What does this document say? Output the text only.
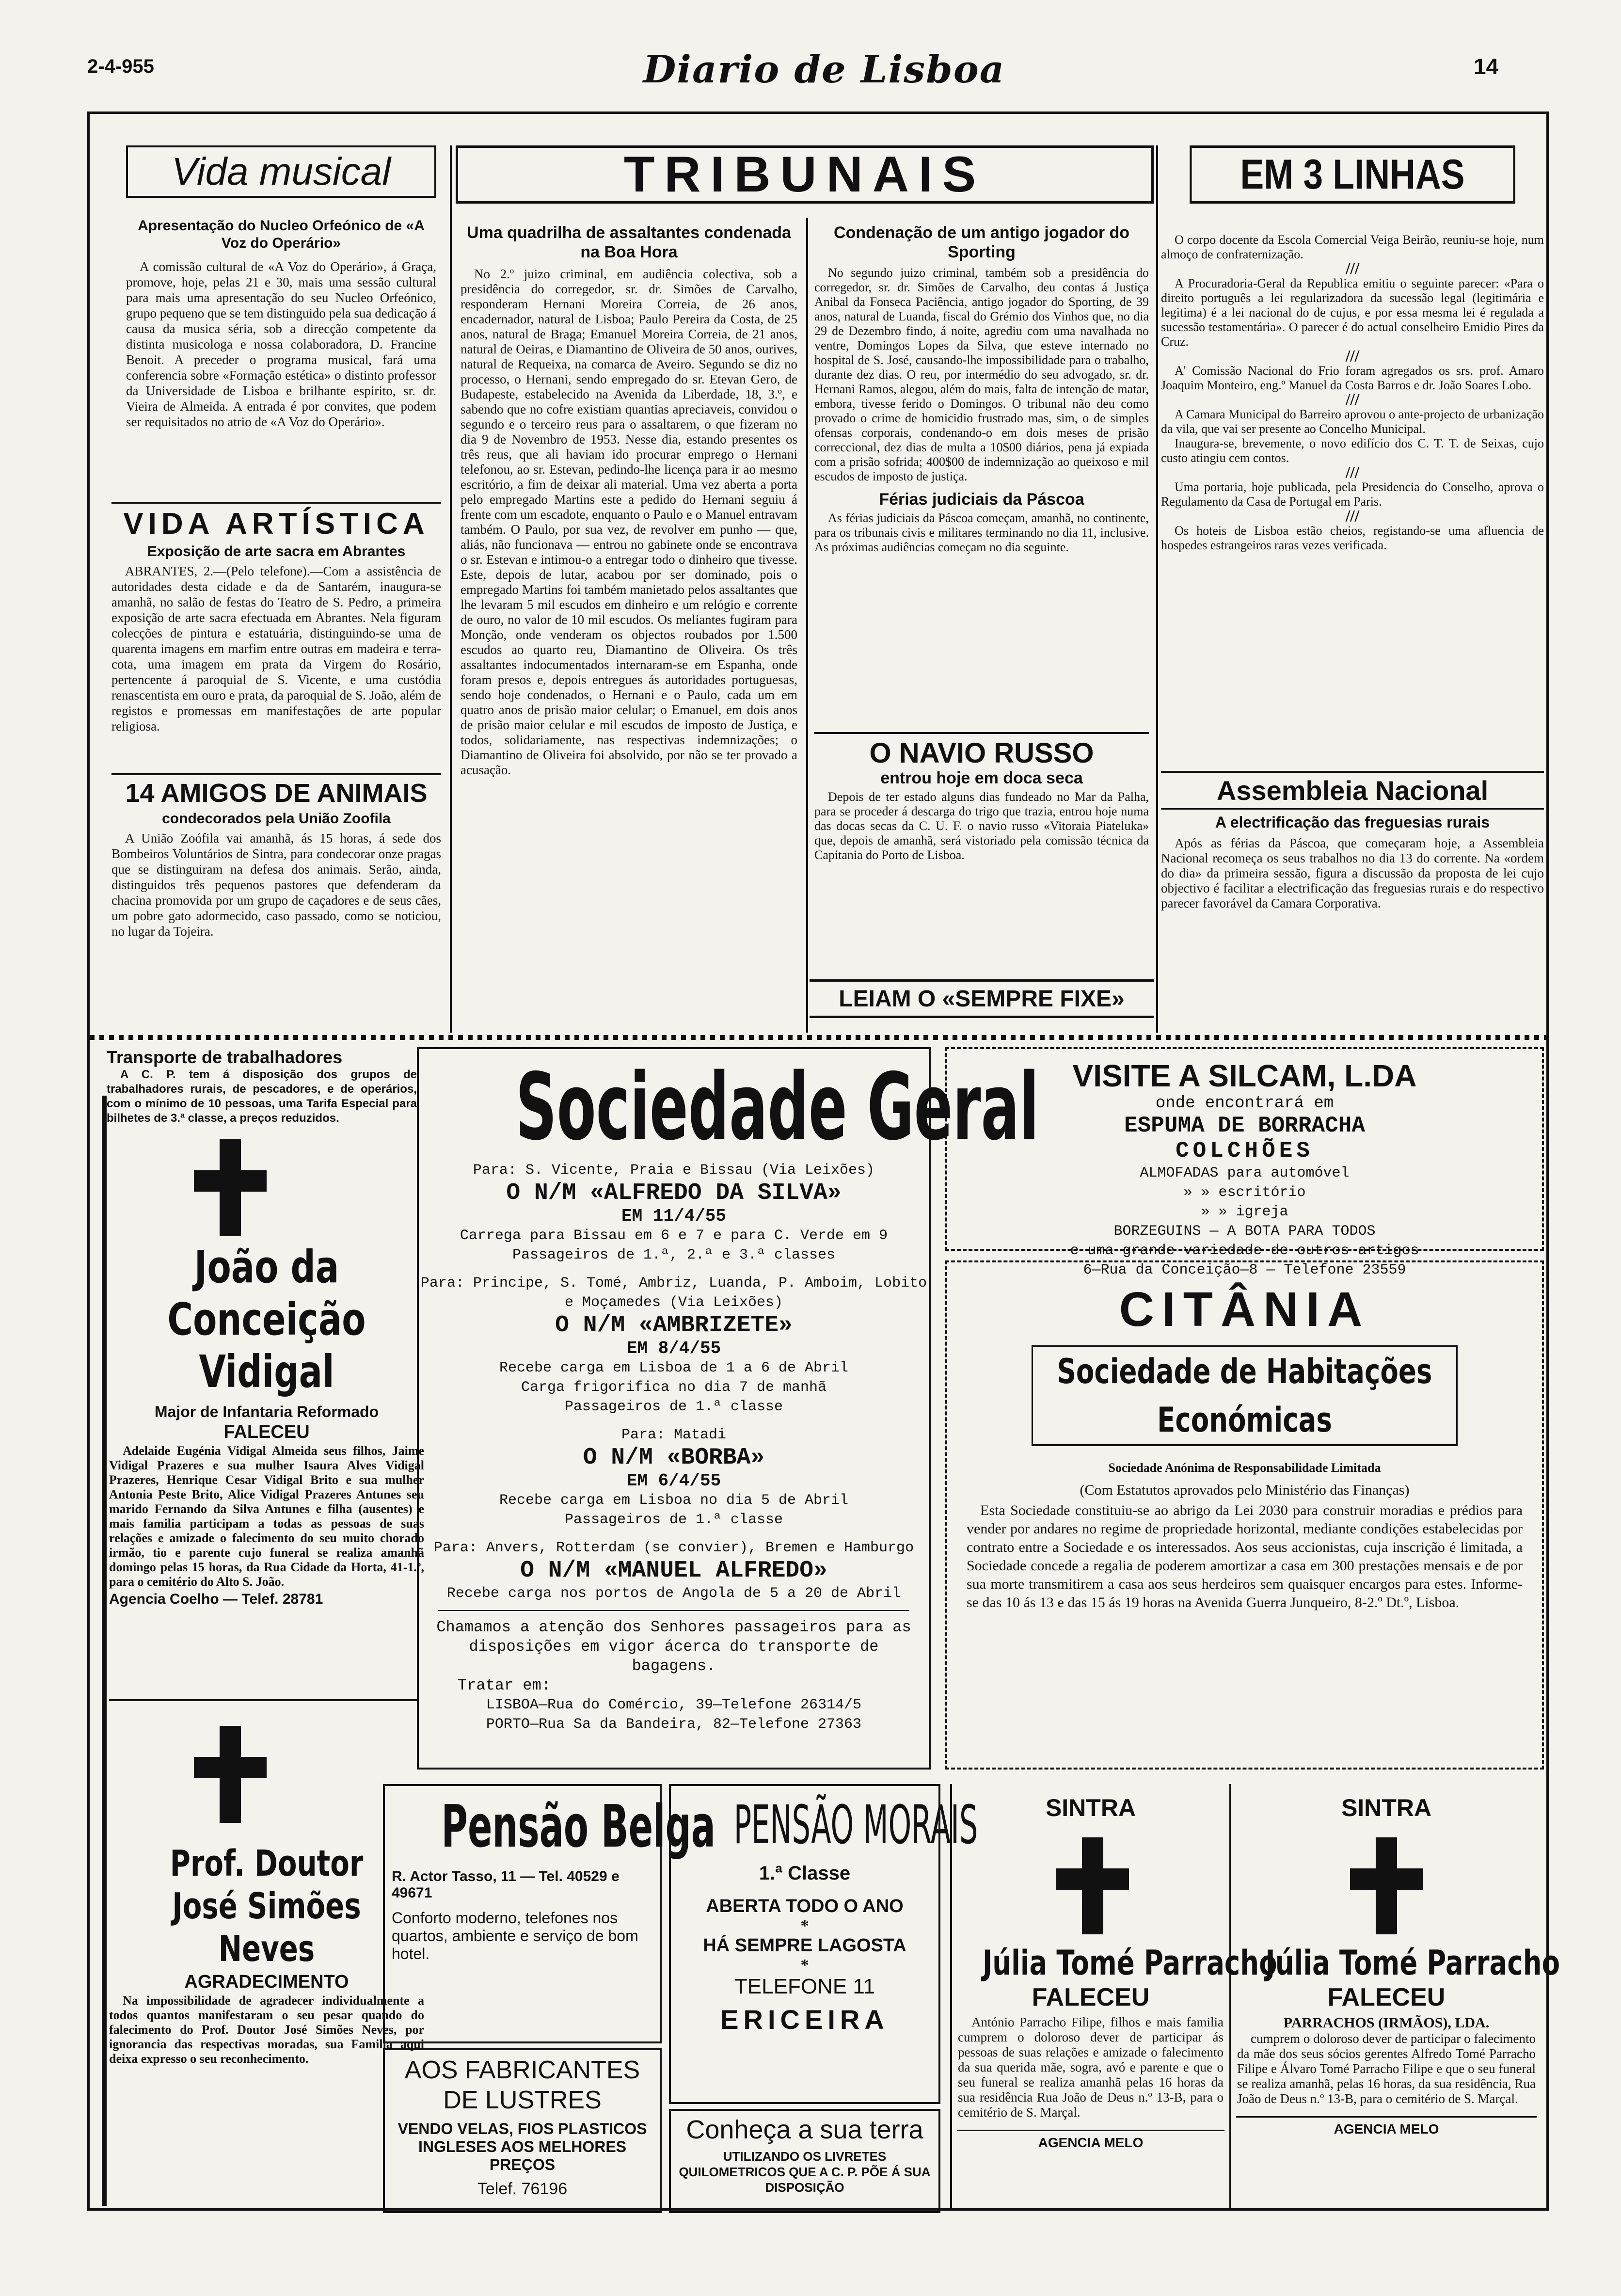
2-4-955	Diario de Lisboa	14
Vida musical
Apresentação do Nucleo Orfeónico de «A Voz do Operário»

A comissão cultural de «A Voz do Operário», á Graça, promove, hoje, pelas 21 e 30, mais uma sessão cultural para mais uma apresentação do seu Nucleo Orfeónico, grupo pequeno que se tem distinguido pela sua dedicação á causa da musica séria, sob a direcção competente da distinta musicologa e nossa colaboradora, D. Francine Benoit. A preceder o programa musical, fará uma conferencia sobre «Formação estética» o distinto professor da Universidade de Lisboa e brilhante espirito, sr. dr. Vieira de Almeida. A entrada é por convites, que podem ser requisitados no atrio de «A Voz do Operário».

VIDA ARTÍSTICA
Exposição de arte sacra em Abrantes

ABRANTES, 2.—(Pelo telefone).—Com a assistência de autoridades desta cidade e da de Santarém, inaugura-se amanhã, no salão de festas do Teatro de S. Pedro, a primeira exposição de arte sacra efectuada em Abrantes. Nela figuram colecções de pintura e estatuária, distinguindo-se uma de quarenta imagens em marfim entre outras em madeira e terra-cota, uma imagem em prata da Virgem do Rosário, pertencente á paroquial de S. Vicente, e uma custódia renascentista em ouro e prata, da paroquial de S. João, além de registos e promessas em manifestações de arte popular religiosa.

14 AMIGOS DE ANIMAIS
condecorados pela União Zoofila

A União Zoófila vai amanhã, ás 15 horas, á sede dos Bombeiros Voluntários de Sintra, para condecorar onze pragas que se distinguiram na defesa dos animais. Serão, ainda, distinguidos três pequenos pastores que defenderam da chacina promovida por um grupo de caçadores e de seus cães, um pobre gato adormecido, caso passado, como se noticiou, no lugar da Tojeira.

TRIBUNAIS
Uma quadrilha de assaltantes condenada na Boa Hora

No 2.º juizo criminal, em audiência colectiva, sob a presidência do corregedor, sr. dr. Simões de Carvalho, responderam Hernani Moreira Correia, de 26 anos, encadernador, natural de Lisboa; Paulo Pereira da Costa, de 25 anos, natural de Braga; Emanuel Moreira Correia, de 21 anos, natural de Oeiras, e Diamantino de Oliveira de 50 anos, ourives, natural de Requeixa, na comarca de Aveiro. Segundo se diz no processo, o Hernani, sendo empregado do sr. Etevan Gero, de Budapeste, estabelecido na Avenida da Liberdade, 18, 3.º, e sabendo que no cofre existiam quantias apreciaveis, convidou o segundo e o terceiro reus para o assaltarem, o que fizeram no dia 9 de Novembro de 1953. Nesse dia, estando presentes os três reus, que ali haviam ido procurar emprego o Hernani telefonou, ao sr. Estevan, pedindo-lhe licença para ir ao mesmo escritório, a fim de deixar ali material. Uma vez aberta a porta pelo empregado Martins este a pedido do Hernani seguiu á frente com um escadote, enquanto o Paulo e o Manuel entravam também. O Paulo, por sua vez, de revolver em punho — que, aliás, não funcionava — entrou no gabinete onde se encontrava o sr. Estevan e intimou-o a entregar todo o dinheiro que tivesse. Este, depois de lutar, acabou por ser dominado, pois o empregado Martins foi também manietado pelos assaltantes que lhe levaram 5 mil escudos em dinheiro e um relógio e corrente de ouro, no valor de 10 mil escudos. Os meliantes fugiram para Monção, onde venderam os objectos roubados por 1.500 escudos ao quarto reu, Diamantino de Oliveira. Os três assaltantes indocumentados internaram-se em Espanha, onde foram presos e, depois entregues ás autoridades portuguesas, sendo hoje condenados, o Hernani e o Paulo, cada um em quatro anos de prisão maior celular; o Emanuel, em dois anos de prisão maior celular e mil escudos de imposto de Justiça, e todos, solidariamente, nas respectivas indemnizações; o Diamantino de Oliveira foi absolvido, por não se ter provado a acusação.

Condenação de um antigo jogador do Sporting

No segundo juizo criminal, também sob a presidência do corregedor, sr. dr. Simões de Carvalho, deu contas á Justiça Anibal da Fonseca Paciência, antigo jogador do Sporting, de 39 anos, natural de Luanda, fiscal do Grémio dos Vinhos que, no dia 29 de Dezembro findo, á noite, agrediu com uma navalhada no ventre, Domingos Lopes da Silva, que esteve internado no hospital de S. José, causando-lhe impossibilidade para o trabalho, durante dez dias. O reu, por intermédio do seu advogado, sr. dr. Hernani Ramos, alegou, além do mais, falta de intenção de matar, embora, tivesse ferido o Domingos. O tribunal não deu como provado o crime de homicidio frustrado mas, sim, o de simples ofensas corporais, condenando-o em dois meses de prisão correccional, dez dias de multa a 10$00 diários, pena já expiada com a prisão sofrida; 400$00 de indemnização ao queixoso e mil escudos de imposto de justiça.

Férias judiciais da Páscoa

As férias judiciais da Páscoa começam, amanhã, no continente, para os tribunais civis e militares terminando no dia 11, inclusive. As próximas audiências começam no dia seguinte.

O NAVIO RUSSO
entrou hoje em doca seca

Depois de ter estado alguns dias fundeado no Mar da Palha, para se proceder á descarga do trigo que trazia, entrou hoje numa das docas secas da C. U. F. o navio russo «Vitoraia Piateluka» que, depois de amanhã, será vistoriado pela comissão técnica da Capitania do Porto de Lisboa.

LEIAM O «SEMPRE FIXE»
EM 3 LINHAS

O corpo docente da Escola Comercial Veiga Beirão, reuniu-se hoje, num almoço de confraternização.

///

A Procuradoria-Geral da Republica emitiu o seguinte parecer: «Para o direito português a lei regularizadora da sucessão legal (legitimária e legitima) é a lei nacional do de cujus, e por essa mesma lei é regulada a sucessão testamentária». O parecer é do actual conselheiro Emidio Pires da Cruz.

///

A' Comissão Nacional do Frio foram agregados os srs. prof. Amaro Joaquim Monteiro, eng.º Manuel da Costa Barros e dr. João Soares Lobo.

///

A Camara Municipal do Barreiro aprovou o ante-projecto de urbanização da vila, que vai ser presente ao Concelho Municipal.

Inaugura-se, brevemente, o novo edifício dos C. T. T. de Seixas, cujo custo atingiu cem contos.

///

Uma portaria, hoje publicada, pela Presidencia do Conselho, aprova o Regulamento da Casa de Portugal em Paris.

///

Os hoteis de Lisboa estão cheios, registando-se uma afluencia de hospedes estrangeiros raras vezes verificada.

Assembleia Nacional
A electrificação das freguesias rurais

Após as férias da Páscoa, que começaram hoje, a Assembleia Nacional recomeça os seus trabalhos no dia 13 do corrente. Na «ordem do dia» da primeira sessão, figura a discussão da proposta de lei cujo objectivo é facilitar a electrificação das freguesias rurais e do respectivo parecer favorável da Camara Corporativa.

Transporte de trabalhadores

A C. P. tem á disposição dos grupos de trabalhadores rurais, de pescadores, e de operários, com o mínimo de 10 pessoas, uma Tarifa Especial para bilhetes de 3.ª classe, a preços reduzidos.

João da Conceição Vidigal
Major de Infantaria Reformado
FALECEU

Adelaide Eugénia Vidigal Almeida seus filhos, Jaime Vidigal Prazeres e sua mulher Isaura Alves Vidigal Prazeres, Henrique Cesar Vidigal Brito e sua mulher Antonia Peste Brito, Alice Vidigal Prazeres Antunes seu marido Fernando da Silva Antunes e filha (ausentes) e mais familia participam a todas as pessoas de suas relações e amizade o falecimento do seu muito chorado irmão, tio e parente cujo funeral se realiza amanhã domingo pelas 15 horas, da Rua Cidade da Horta, 41-1.º, para o cemitério do Alto S. João.

Agencia Coelho — Telef. 28781
Prof. Doutor José Simões Neves
AGRADECIMENTO

Na impossibilidade de agradecer individualmente a todos quantos manifestaram o seu pesar quando do falecimento do Prof. Doutor José Simões Neves, por ignorancia das respectivas moradas, sua Familia aqui deixa expresso o seu reconhecimento.

Sociedade Geral
Para: S. Vicente, Praia e Bissau (Via Leixões)
O N/M «ALFREDO DA SILVA»
EM 11/4/55
Carrega para Bissau em 6 e 7 e para C. Verde em 9
Passageiros de 1.ª, 2.ª e 3.ª classes
Para: Principe, S. Tomé, Ambriz, Luanda, P. Amboim, Lobito e Moçamedes (Via Leixões)
O N/M «AMBRIZETE»
EM 8/4/55
Recebe carga em Lisboa de 1 a 6 de Abril
Carga frigorifica no dia 7 de manhã
Passageiros de 1.ª classe
Para: Matadi
O N/M «BORBA»
EM 6/4/55
Recebe carga em Lisboa no dia 5 de Abril
Passageiros de 1.ª classe
Para: Anvers, Rotterdam (se convier), Bremen e Hamburgo
O N/M «MANUEL ALFREDO»
Recebe carga nos portos de Angola de 5 a 20 de Abril
Chamamos a atenção dos Senhores passageiros para as disposições em vigor ácerca do transporte de bagagens.
Tratar em:
LISBOA—Rua do Comércio, 39—Telefone 26314/5
PORTO—Rua Sa da Bandeira, 82—Telefone 27363
VISITE A SILCAM, L.DA
onde encontrará em
ESPUMA DE BORRACHA
COLCHÕES
ALMOFADAS para automóvel
» » escritório
» » igreja
BORZEGUINS — A BOTA PARA TODOS
e uma grande variedade de outros artigos
6—Rua da Conceição—8 — Telefone 23559
CITÂNIA
Sociedade de Habitações Económicas
Sociedade Anónima de Responsabilidade Limitada
(Com Estatutos aprovados pelo Ministério das Finanças)

Esta Sociedade constituiu-se ao abrigo da Lei 2030 para construir moradias e prédios para vender por andares no regime de propriedade horizontal, mediante condições estabelecidas por contrato entre a Sociedade e os interessados. Aos seus accionistas, cuja inscrição é limitada, a Sociedade concede a regalia de poderem amortizar a casa em 300 prestações mensais e de por sua morte transmitirem a casa aos seus herdeiros sem quaisquer encargos para estes. Informe-se das 10 ás 13 e das 15 ás 19 horas na Avenida Guerra Junqueiro, 8-2.º Dt.º, Lisboa.

Pensão Belga
R. Actor Tasso, 11 — Tel. 40529 e 49671
Conforto moderno, telefones nos quartos, ambiente e serviço de bom hotel.
AOS FABRICANTES DE LUSTRES
VENDO VELAS, FIOS PLASTICOS INGLESES AOS MELHORES PREÇOS
Telef. 76196
PENSÃO MORAIS
1.ª Classe
ABERTA TODO O ANO
*
HÁ SEMPRE LAGOSTA
*
TELEFONE 11
ERICEIRA
Conheça a sua terra
UTILIZANDO OS LIVRETES QUILOMETRICOS QUE A C. P. PÕE Á SUA DISPOSIÇÃO
SINTRA
Júlia Tomé Parracho
FALECEU

António Parracho Filipe, filhos e mais familia cumprem o doloroso dever de participar ás pessoas de suas relações e amizade o falecimento da sua querida mãe, sogra, avó e parente e que o seu funeral se realiza amanhã pelas 16 horas da sua residência Rua João de Deus n.º 13-B, para o cemitério de S. Marçal.

AGENCIA MELO
SINTRA
Júlia Tomé Parracho
FALECEU
PARRACHOS (IRMÃOS), LDA.

cumprem o doloroso dever de participar o falecimento da mãe dos seus sócios gerentes Alfredo Tomé Parracho Filipe e Álvaro Tomé Parracho Filipe e que o seu funeral se realiza amanhã, pelas 16 horas, da sua residência, Rua João de Deus n.º 13-B, para o cemitério de S. Marçal.

AGENCIA MELO
